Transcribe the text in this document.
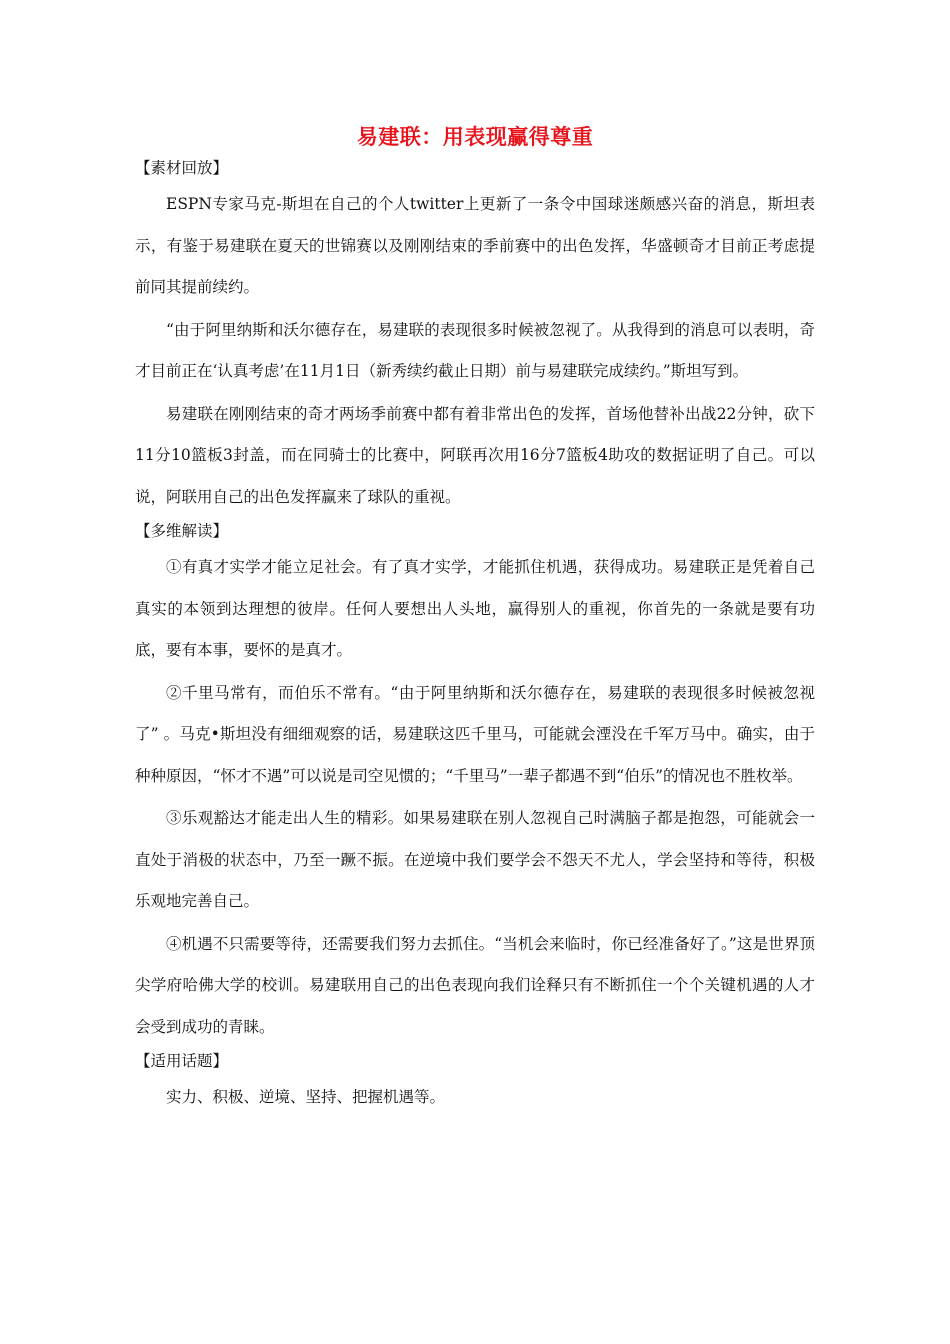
易建联：用表现赢得尊重
【素材回放】

ESPN专家马克-斯坦在自己的个人twitter上更新了一条令中国球迷颇感兴奋的消息，斯坦表示，有鉴于易建联在夏天的世锦赛以及刚刚结束的季前赛中的出色发挥，华盛顿奇才目前正考虑提前同其提前续约。

“由于阿里纳斯和沃尔德存在，易建联的表现很多时候被忽视了。从我得到的消息可以表明，奇才目前正在‘认真考虑’在11月1日（新秀续约截止日期）前与易建联完成续约。”斯坦写到。

易建联在刚刚结束的奇才两场季前赛中都有着非常出色的发挥，首场他替补出战22分钟，砍下11分10篮板3封盖，而在同骑士的比赛中，阿联再次用16分7篮板4助攻的数据证明了自己。可以说，阿联用自己的出色发挥赢来了球队的重视。

【多维解读】

①有真才实学才能立足社会。有了真才实学，才能抓住机遇，获得成功。易建联正是凭着自己真实的本领到达理想的彼岸。任何人要想出人头地，赢得别人的重视，你首先的一条就是要有功底，要有本事，要怀的是真才。

②千里马常有，而伯乐不常有。“由于阿里纳斯和沃尔德存在，易建联的表现很多时候被忽视了” 。马克•斯坦没有细细观察的话，易建联这匹千里马，可能就会湮没在千军万马中。确实，由于种种原因，“怀才不遇”可以说是司空见惯的；“千里马”一辈子都遇不到“伯乐”的情况也不胜枚举。

③乐观豁达才能走出人生的精彩。如果易建联在别人忽视自己时满脑子都是抱怨，可能就会一直处于消极的状态中，乃至一蹶不振。在逆境中我们要学会不怨天不尤人，学会坚持和等待，积极乐观地完善自己。

④机遇不只需要等待，还需要我们努力去抓住。“当机会来临时，你已经准备好了。”这是世界顶尖学府哈佛大学的校训。易建联用自己的出色表现向我们诠释只有不断抓住一个个关键机遇的人才会受到成功的青睐。

【适用话题】

实力、积极、逆境、坚持、把握机遇等。
